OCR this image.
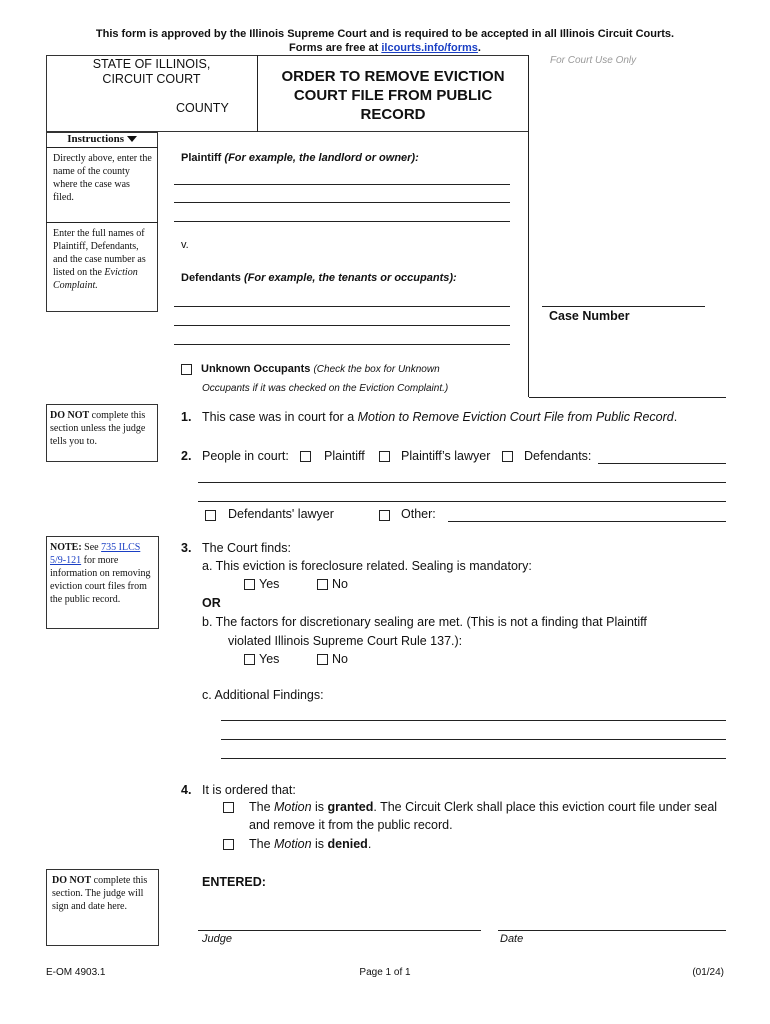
This form is approved by the Illinois Supreme Court and is required to be accepted in all Illinois Circuit Courts.
Forms are free at ilcourts.info/forms.
STATE OF ILLINOIS,
CIRCUIT COURT
COUNTY
ORDER TO REMOVE EVICTION
COURT FILE FROM PUBLIC
RECORD
For Court Use Only
Instructions
Directly above, enter the name of the county where the case was filed.
Enter the full names of Plaintiff, Defendants, and the case number as listed on the Eviction Complaint.
Plaintiff (For example, the landlord or owner):
v.
Defendants (For example, the tenants or occupants):
Unknown Occupants (Check the box for Unknown
Occupants if it was checked on the Eviction Complaint.)
Case Number
DO NOT complete this section unless the judge tells you to.
NOTE: See 735 ILCS 5/9-121 for more information on removing eviction court files from the public record.
DO NOT complete this section. The judge will sign and date here.
1. This case was in court for a Motion to Remove Eviction Court File from Public Record.
2. People in court:	Plaintiff	Plaintiff’s lawyer	Defendants:
Defendants' lawyer	Other:
3. The Court finds:
a. This eviction is foreclosure related. Sealing is mandatory:
Yes	No
OR
b. The factors for discretionary sealing are met. (This is not a finding that Plaintiff
violated Illinois Supreme Court Rule 137.):
Yes	No
c. Additional Findings:
4. It is ordered that:
The Motion is granted. The Circuit Clerk shall place this eviction court file under seal
and remove it from the public record.
The Motion is denied.
ENTERED:
Judge	Date
E-OM 4903.1	Page 1 of 1	(01/24)
